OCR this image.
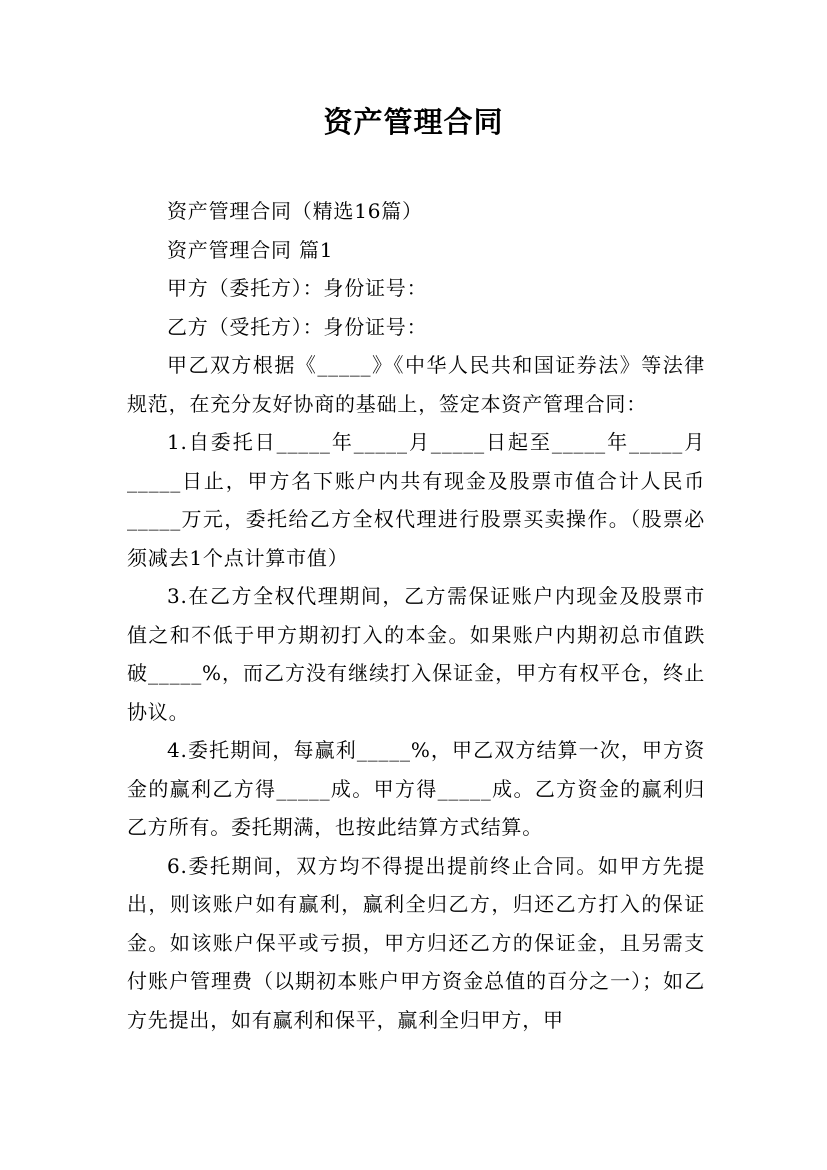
资产管理合同

资产管理合同（精选16篇）

资产管理合同 篇1

甲方（委托方）：身份证号：

乙方（受托方）：身份证号：

甲乙双方根据《_____》《中华人民共和国证券法》等法律规范，在充分友好协商的基础上，签定本资产管理合同：

1.自委托日_____年_____月_____日起至_____年_____月_____日止，甲方名下账户内共有现金及股票市值合计人民币_____万元，委托给乙方全权代理进行股票买卖操作。（股票必须减去1个点计算市值）

3.在乙方全权代理期间，乙方需保证账户内现金及股票市值之和不低于甲方期初打入的本金。如果账户内期初总市值跌破_____%，而乙方没有继续打入保证金，甲方有权平仓，终止协议。

4.委托期间，每赢利_____%，甲乙双方结算一次，甲方资金的赢利乙方得_____成。甲方得_____成。乙方资金的赢利归乙方所有。委托期满，也按此结算方式结算。

6.委托期间，双方均不得提出提前终止合同。如甲方先提出，则该账户如有赢利，赢利全归乙方，归还乙方打入的保证金。如该账户保平或亏损，甲方归还乙方的保证金，且另需支付账户管理费（以期初本账户甲方资金总值的百分之一）；如乙方先提出，如有赢利和保平，赢利全归甲方，甲
